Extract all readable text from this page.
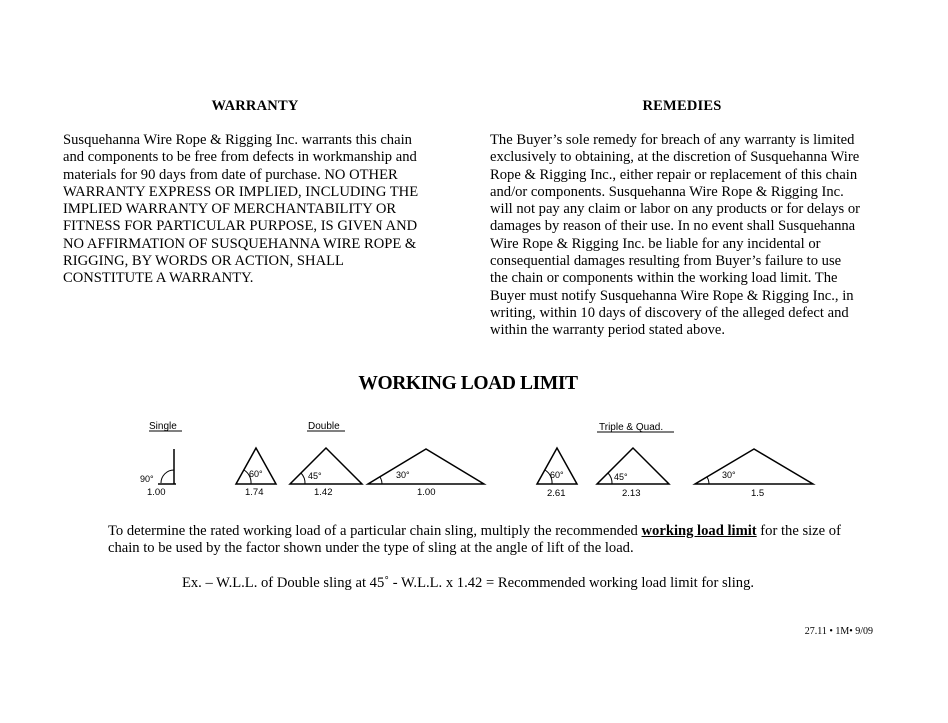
WARRANTY

Susquehanna Wire Rope & Rigging Inc. warrants this chain
and components to be free from defects in workmanship and
materials for 90 days from date of purchase. NO OTHER
WARRANTY EXPRESS OR IMPLIED, INCLUDING THE
IMPLIED WARRANTY OF MERCHANTABILITY OR
FITNESS FOR PARTICULAR PURPOSE, IS GIVEN AND
NO AFFIRMATION OF SUSQUEHANNA WIRE ROPE &
RIGGING, BY WORDS OR ACTION, SHALL
CONSTITUTE A WARRANTY.

REMEDIES

The Buyer’s sole remedy for breach of any warranty is limited
exclusively to obtaining, at the discretion of Susquehanna Wire
Rope & Rigging Inc., either repair or replacement of this chain
and/or components. Susquehanna Wire Rope & Rigging Inc.
will not pay any claim or labor on any products or for delays or
damages by reason of their use. In no event shall Susquehanna
Wire Rope & Rigging Inc. be liable for any incidental or
consequential damages resulting from Buyer’s failure to use
the chain or components within the working load limit. The
Buyer must notify Susquehanna Wire Rope & Rigging Inc., in
writing, within 10 days of discovery of the alleged defect and
within the warranty period stated above.

WORKING LOAD LIMIT
Single	Double	Triple & Quad.
90°
1.00
60°
1.74
45°
1.42
30°
1.00
60°
2.61
45°
2.13
30°
1.5

To determine the rated working load of a particular chain sling, multiply the recommended working load limit for the size of chain to be used by the factor shown under the type of sling at the angle of lift of the load.

Ex. – W.L.L. of Double sling at 45˚ - W.L.L. x 1.42 = Recommended working load limit for sling.

27.11 • 1M• 9/09
